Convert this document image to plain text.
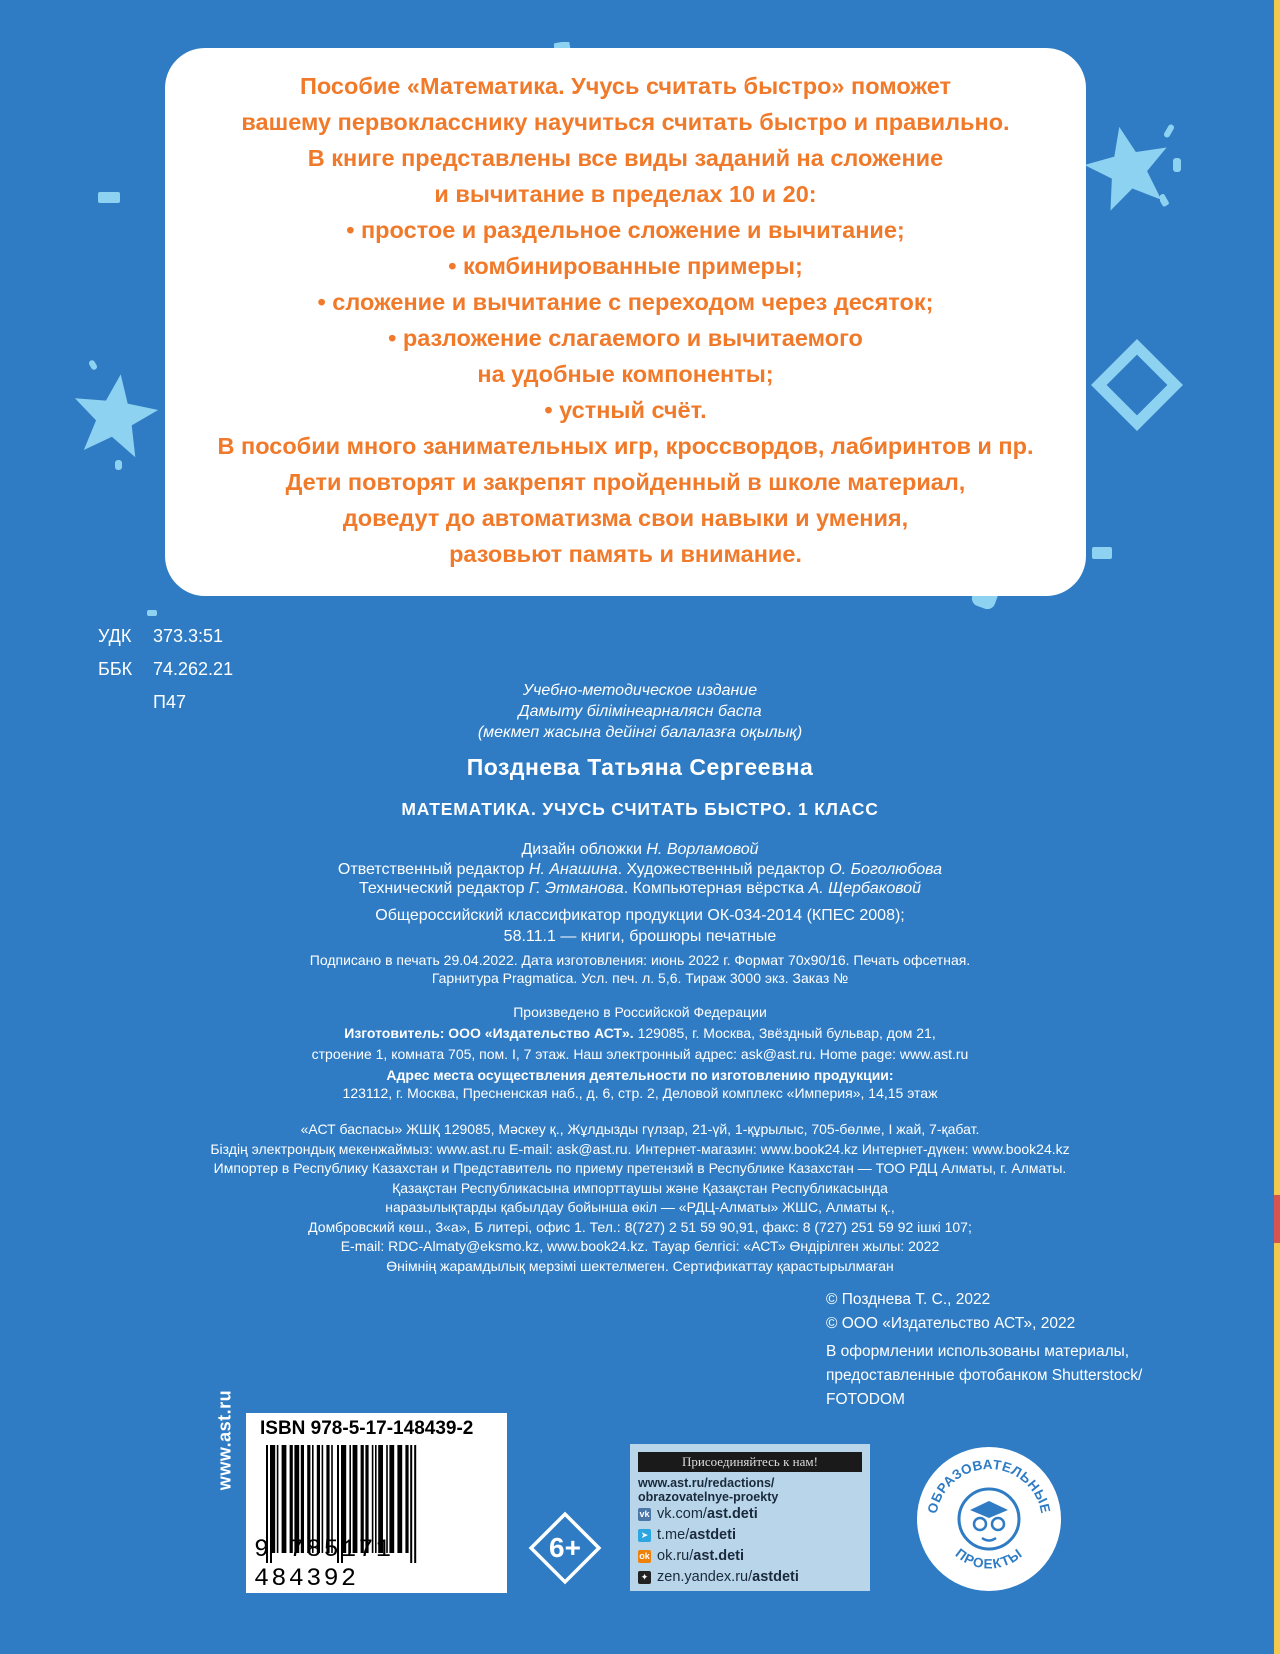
Пособие «Математика. Учусь считать быстро» поможет
вашему первокласснику научиться считать быстро и правильно.
В книге представлены все виды заданий на сложение
и вычитание в пределах 10 и 20:
• простое и раздельное сложение и вычитание;
• комбинированные примеры;
• сложение и вычитание с переходом через десяток;
• разложение слагаемого и вычитаемого
на удобные компоненты;
• устный счёт.
В пособии много занимательных игр, кроссвордов, лабиринтов и пр.
Дети повторят и закрепят пройденный в школе материал,
доведут до автоматизма свои навыки и умения,
разовьют память и внимание.
УДК 373.3:51
ББК 74.262.21
П47
Учебно-методическое издание
Дамыту білімінеарналяcн баспа
(мекмеп жасына дейінгі балалазға оқылық)
Позднева Татьяна Сергеевна
МАТЕМАТИКА. УЧУСЬ СЧИТАТЬ БЫСТРО. 1 КЛАСС
Дизайн обложки Н. Ворламовой
Ответственный редактор Н. Анашина. Художественный редактор О. Боголюбова
Технический редактор Г. Этманова. Компьютерная вёрстка А. Щербаковой
Общероссийский классификатор продукции ОК-034-2014 (КПЕС 2008);
58.11.1 — книги, брошюры печатные
Подписано в печать 29.04.2022. Дата изготовления: июнь 2022 г. Формат 70x90/16. Печать офсетная.
Гарнитура Pragmatica. Усл. печ. л. 5,6. Тираж 3000 экз. Заказ №
Произведено в Российской Федерации
Изготовитель: ООО «Издательство АСТ». 129085, г. Москва, Звёздный бульвар, дом 21,
строение 1, комната 705, пом. I, 7 этаж. Наш электронный адрес: ask@ast.ru. Home page: www.ast.ru
Адрес места осуществления деятельности по изготовлению продукции:
123112, г. Москва, Пресненская наб., д. 6, стр. 2, Деловой комплекс «Империя», 14,15 этаж
«АСТ баспасы» ЖШҚ 129085, Мәскеу қ., Жұлдызды гүлзар, 21-үй, 1-құрылыс, 705-бөлме, I жай, 7-қабат.
Біздің электрондық мекенжаймыз: www.ast.ru E-mail: ask@ast.ru. Интернет-магазин: www.book24.kz Интернет-дүкен: www.book24.kz
Импортер в Республику Казахстан и Представитель по приему претензий в Республике Казахстан — ТОО РДЦ Алматы, г. Алматы.
Қазақстан Республикасына импорттаушы және Қазақстан Республикасында
наразылықтарды қабылдау бойынша өкіл — «РДЦ-Алматы» ЖШС, Алматы қ.,
Домбровский көш., 3«а», Б литері, офис 1. Тел.: 8(727) 2 51 59 90,91, факс: 8 (727) 251 59 92 ішкі 107;
E-mail: RDC-Almaty@eksmo.kz, www.book24.kz. Тауар белгісі: «АСТ» Өндірілген жылы: 2022
Өнімнің жарамдылық мерзімі шектелмеген. Сертификаттау қарастырылмаған
© Позднева Т. С., 2022
© ООО «Издательство АСТ», 2022
В оформлении использованы материалы,
предоставленные фотобанком Shutterstock/
FOTODOM
www.ast.ru ISBN 978-5-17-148439-2
9 785171 484392
6+
Присоединяйтесь к нам!
www.ast.ru/redactions/
obrazovatelnye-proekty
vk vk.com/ ast.deti
➤ t.me/ astdeti
ok ok.ru/ ast.deti
✦ zen.yandex.ru/ astdeti
ОБРАЗОВАТЕЛЬНЫЕ
ПРОЕКТЫ
